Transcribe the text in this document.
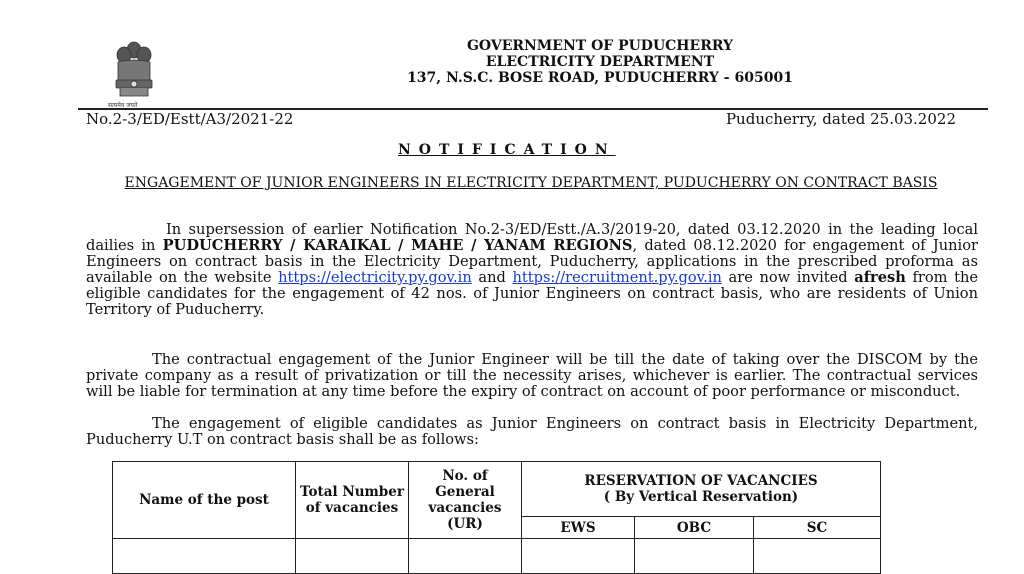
सत्यमेव जयते
GOVERNMENT OF PUDUCHERRY
ELECTRICITY DEPARTMENT
137, N.S.C. BOSE ROAD, PUDUCHERRY - 605001
No.2-3/ED/Estt/A3/2021-22	Puducherry, dated 25.03.2022
NOTIFICATION
ENGAGEMENT OF JUNIOR ENGINEERS IN ELECTRICITY DEPARTMENT, PUDUCHERRY ON CONTRACT BASIS
In supersession of earlier Notification No.2-3/ED/Estt./A.3/2019-20, dated 03.12.2020 in the leading local dailies in PUDUCHERRY / KARAIKAL / MAHE / YANAM REGIONS, dated 08.12.2020 for engagement of Junior Engineers on contract basis in the Electricity Department, Puducherry, applications in the prescribed proforma as available on the website https://electricity.py.gov.in and https://recruitment.py.gov.in are now invited afresh from the eligible candidates for the engagement of 42 nos. of Junior Engineers on contract basis, who are residents of Union Territory of Puducherry.
The contractual engagement of the Junior Engineer will be till the date of taking over the DISCOM by the private company as a result of privatization or till the necessity arises, whichever is earlier. The contractual services will be liable for termination at any time before the expiry of contract on account of poor performance or misconduct.
The engagement of eligible candidates as Junior Engineers on contract basis in Electricity Department, Puducherry U.T on contract basis shall be as follows:
Name of the post	Total Number of vacancies	No. of General vacancies (UR)	RESERVATION OF VACANCIES
( By Vertical Reservation)		

			EWS	OBC	SC
